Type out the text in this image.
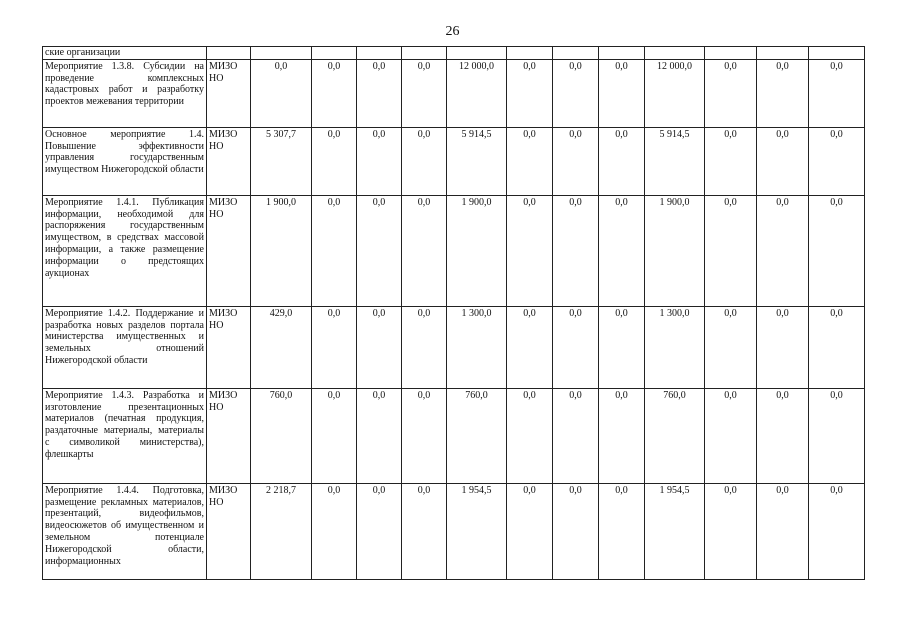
26
ские организации													
Мероприятие 1.3.8. Субсидии на проведение комплексных кадастровых работ и разработку проектов межевания территории	МИЗО НО	0,0	0,0	0,0	0,0	12 000,0	0,0	0,0	0,0	12 000,0	0,0	0,0	0,0
Основное мероприятие 1.4. Повышение эффективности управления государственным имуществом Нижегородской области	МИЗО НО	5 307,7	0,0	0,0	0,0	5 914,5	0,0	0,0	0,0	5 914,5	0,0	0,0	0,0
Мероприятие 1.4.1. Публикация информации, необходимой для распоряжения государственным имуществом, в средствах массовой информации, а также размещение информации о предстоящих аукционах	МИЗО НО	1 900,0	0,0	0,0	0,0	1 900,0	0,0	0,0	0,0	1 900,0	0,0	0,0	0,0
Мероприятие 1.4.2. Поддержание и разработка новых разделов портала министерства имущественных и земельных отношений Нижегородской области	МИЗО НО	429,0	0,0	0,0	0,0	1 300,0	0,0	0,0	0,0	1 300,0	0,0	0,0	0,0
Мероприятие 1.4.3. Разработка и изготовление презентационных материалов (печатная продукция, раздаточные материалы, материалы с символикой министерства), флешкарты	МИЗО НО	760,0	0,0	0,0	0,0	760,0	0,0	0,0	0,0	760,0	0,0	0,0	0,0
Мероприятие 1.4.4. Подготовка, размещение рекламных материалов, презентаций, видеофильмов, видеосюжетов об имущественном и земельном потенциале Нижегородской области, информационных	МИЗО НО	2 218,7	0,0	0,0	0,0	1 954,5	0,0	0,0	0,0	1 954,5	0,0	0,0	0,0
